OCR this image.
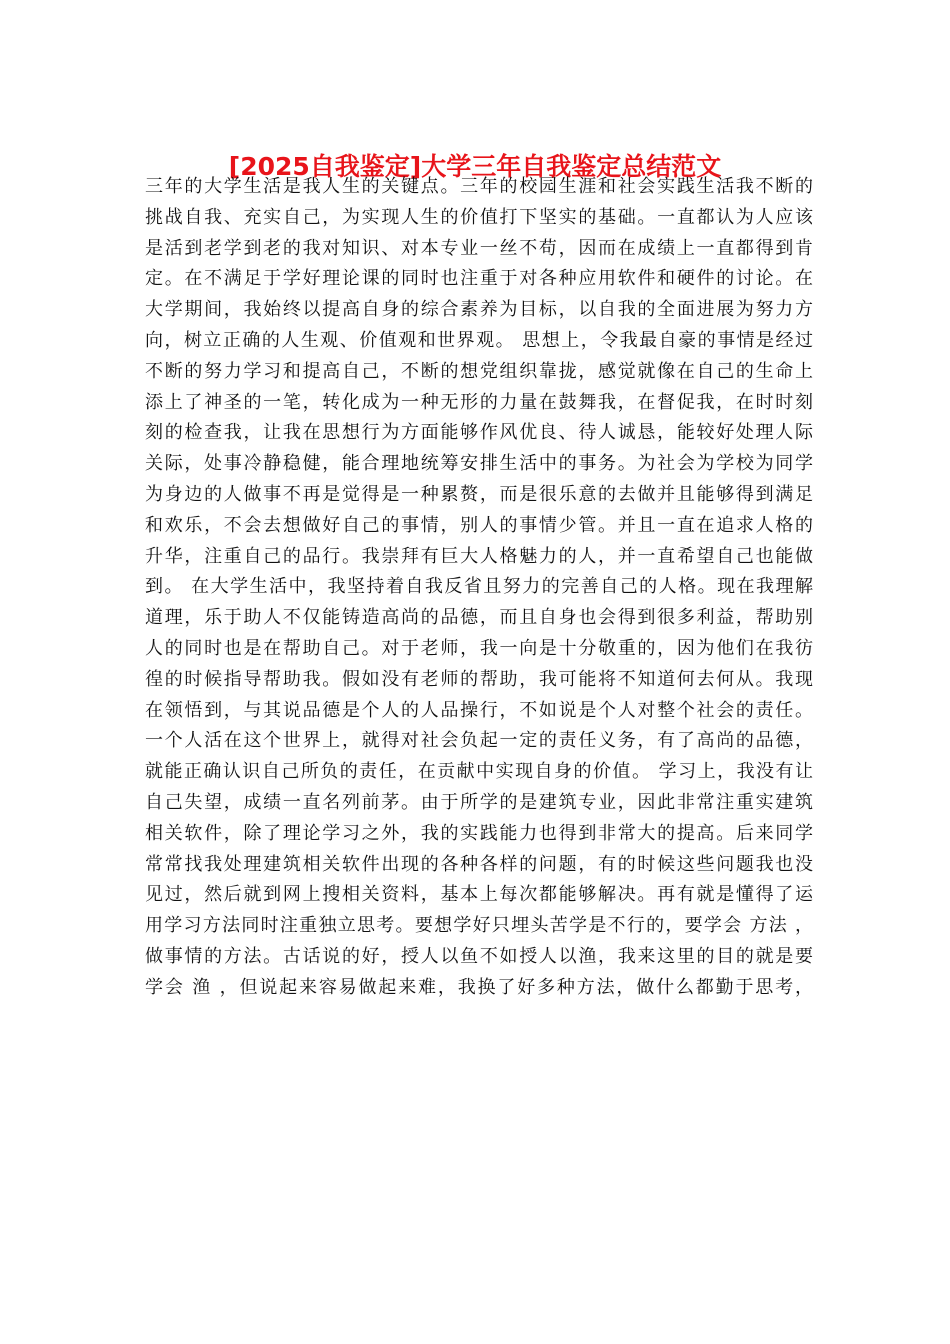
[2025自我鉴定]大学三年自我鉴定总结范文
三年的大学生活是我人生的关键点。三年的校园生涯和社会实践生活我不断的
挑战自我、充实自己，为实现人生的价值打下坚实的基础。一直都认为人应该
是活到老学到老的我对知识、对本专业一丝不苟，因而在成绩上一直都得到肯
定。在不满足于学好理论课的同时也注重于对各种应用软件和硬件的讨论。在
大学期间，我始终以提高自身的综合素养为目标，以自我的全面进展为努力方
向，树立正确的人生观、价值观和世界观。 思想上，令我最自豪的事情是经过
不断的努力学习和提高自己，不断的想党组织靠拢，感觉就像在自己的生命上
添上了神圣的一笔，转化成为一种无形的力量在鼓舞我，在督促我，在时时刻
刻的检查我，让我在思想行为方面能够作风优良、待人诚恳，能较好处理人际
关际，处事冷静稳健，能合理地统筹安排生活中的事务。为社会为学校为同学
为身边的人做事不再是觉得是一种累赘，而是很乐意的去做并且能够得到满足
和欢乐，不会去想做好自己的事情，别人的事情少管。并且一直在追求人格的
升华，注重自己的品行。我崇拜有巨大人格魅力的人，并一直希望自己也能做
到。 在大学生活中，我坚持着自我反省且努力的完善自己的人格。现在我理解
道理，乐于助人不仅能铸造高尚的品德，而且自身也会得到很多利益，帮助别
人的同时也是在帮助自己。对于老师，我一向是十分敬重的，因为他们在我彷
徨的时候指导帮助我。假如没有老师的帮助，我可能将不知道何去何从。我现
在领悟到，与其说品德是个人的人品操行，不如说是个人对整个社会的责任。
一个人活在这个世界上，就得对社会负起一定的责任义务，有了高尚的品德，
就能正确认识自己所负的责任，在贡献中实现自身的价值。 学习上，我没有让
自己失望，成绩一直名列前茅。由于所学的是建筑专业，因此非常注重实建筑
相关软件，除了理论学习之外，我的实践能力也得到非常大的提高。后来同学
常常找我处理建筑相关软件出现的各种各样的问题，有的时候这些问题我也没
见过，然后就到网上搜相关资料，基本上每次都能够解决。再有就是懂得了运
用学习方法同时注重独立思考。要想学好只埋头苦学是不行的，要学会 方法 ，
做事情的方法。古话说的好，授人以鱼不如授人以渔，我来这里的目的就是要
学会 渔 ，但说起来容易做起来难，我换了好多种方法，做什么都勤于思考，
